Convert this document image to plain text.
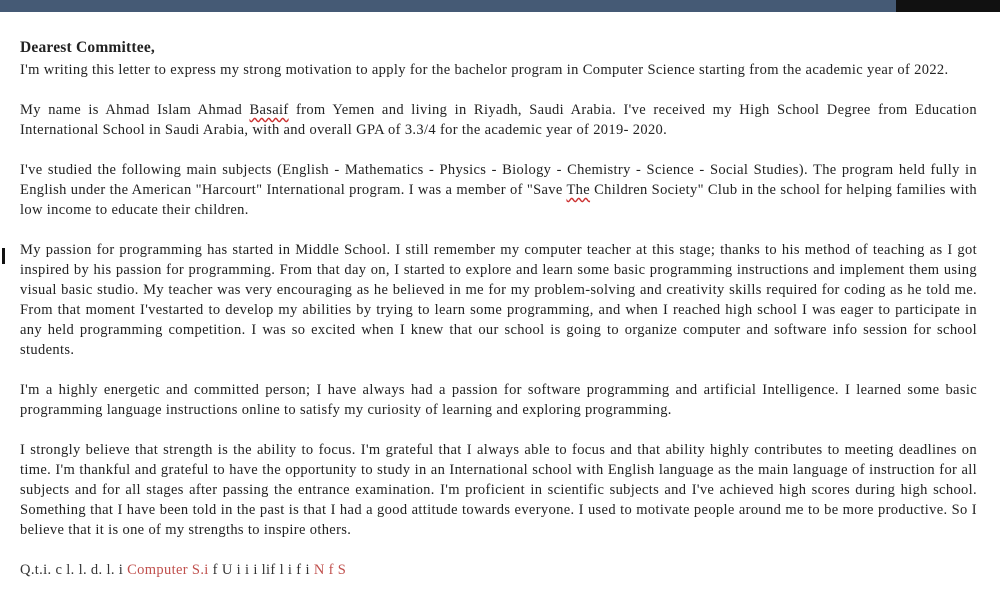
Dearest Committee,

I'm writing this letter to express my strong motivation to apply for the bachelor program in Computer Science starting from the academic year of 2022.

My name is Ahmad Islam Ahmad Basaif from Yemen and living in Riyadh, Saudi Arabia. I've received my High School Degree from Education International School in Saudi Arabia, with and overall GPA of 3.3/4 for the academic year of 2019- 2020.

I've studied the following main subjects (English - Mathematics - Physics - Biology - Chemistry - Science - Social Studies). The program held fully in English under the American "Harcourt" International program. I was a member of "Save The Children Society" Club in the school for helping families with low income to educate their children.

My passion for programming has started in Middle School. I still remember my computer teacher at this stage; thanks to his method of teaching as I got inspired by his passion for programming. From that day on, I started to explore and learn some basic programming instructions and implement them using visual basic studio. My teacher was very encouraging as he believed in me for my problem-solving and creativity skills required for coding as he told me. From that moment I'vestarted to develop my abilities by trying to learn some programming, and when I reached high school I was eager to participate in any held programming competition. I was so excited when I knew that our school is going to organize computer and software info session for school students.

I'm a highly energetic and committed person; I have always had a passion for software programming and artificial Intelligence. I learned some basic programming language instructions online to satisfy my curiosity of learning and exploring programming.

I strongly believe that strength is the ability to focus. I'm grateful that I always able to focus and that ability highly contributes to meeting deadlines on time. I'm thankful and grateful to have the opportunity to study in an International school with English language as the main language of instruction for all subjects and for all stages after passing the entrance examination. I'm proficient in scientific subjects and I've achieved high scores during high school. Something that I have been told in the past is that I had a good attitude towards everyone. I used to motivate people around me to be more productive. So I believe that it is one of my strengths to inspire others.

Q.t.i. c l. l. d. l. i Computer S.i f U i i i lif l i f i N f S
